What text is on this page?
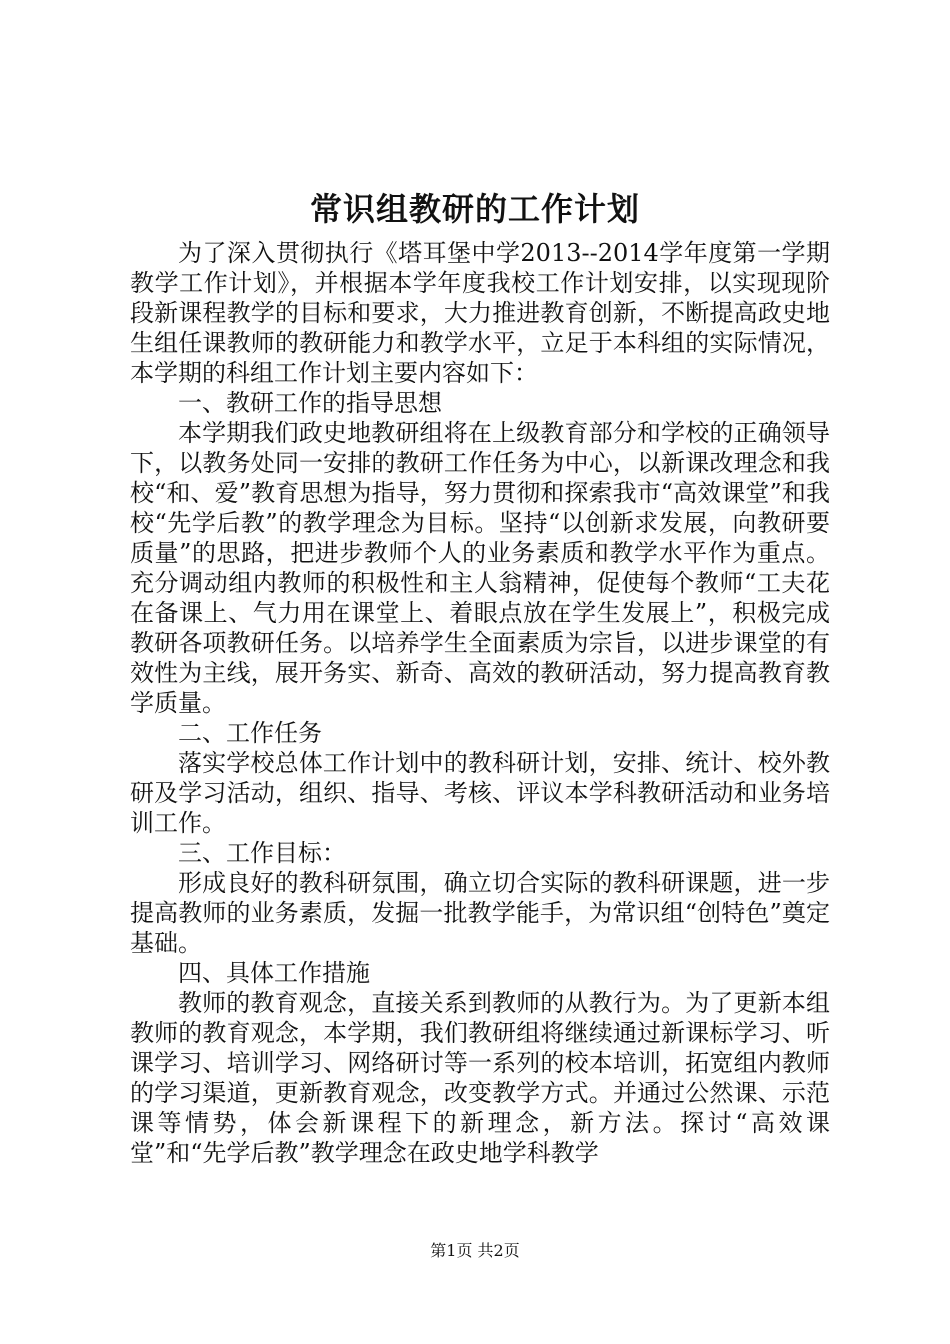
常识组教研的工作计划

为了深入贯彻执行《塔耳堡中学2013--2014学年度第一学期教学工作计划》，并根据本学年度我校工作计划安排，以实现现阶段新课程教学的目标和要求，大力推进教育创新，不断提高政史地生组任课教师的教研能力和教学水平，立足于本科组的实际情况，本学期的科组工作计划主要内容如下：

一、教研工作的指导思想

本学期我们政史地教研组将在上级教育部分和学校的正确领导下，以教务处同一安排的教研工作任务为中心，以新课改理念和我校“和、爱”教育思想为指导，努力贯彻和探索我市“高效课堂”和我校“先学后教”的教学理念为目标。坚持“以创新求发展，向教研要质量”的思路，把进步教师个人的业务素质和教学水平作为重点。充分调动组内教师的积极性和主人翁精神，促使每个教师“工夫花在备课上、气力用在课堂上、着眼点放在学生发展上”，积极完成教研各项教研任务。以培养学生全面素质为宗旨，以进步课堂的有效性为主线，展开务实、新奇、高效的教研活动，努力提高教育教学质量。

二、工作任务

落实学校总体工作计划中的教科研计划，安排、统计、校外教研及学习活动，组织、指导、考核、评议本学科教研活动和业务培训工作。

三、工作目标：

形成良好的教科研氛围，确立切合实际的教科研课题，进一步提高教师的业务素质，发掘一批教学能手，为常识组“创特色”奠定基础。

四、具体工作措施

教师的教育观念，直接关系到教师的从教行为。为了更新本组教师的教育观念，本学期，我们教研组将继续通过新课标学习、听课学习、培训学习、网络研讨等一系列的校本培训，拓宽组内教师的学习渠道，更新教育观念，改变教学方式。并通过公然课、示范课等情势，体会新课程下的新理念，新方法。探讨“高效课堂”和“先学后教”教学理念在政史地学科教学

第1页 共2页
